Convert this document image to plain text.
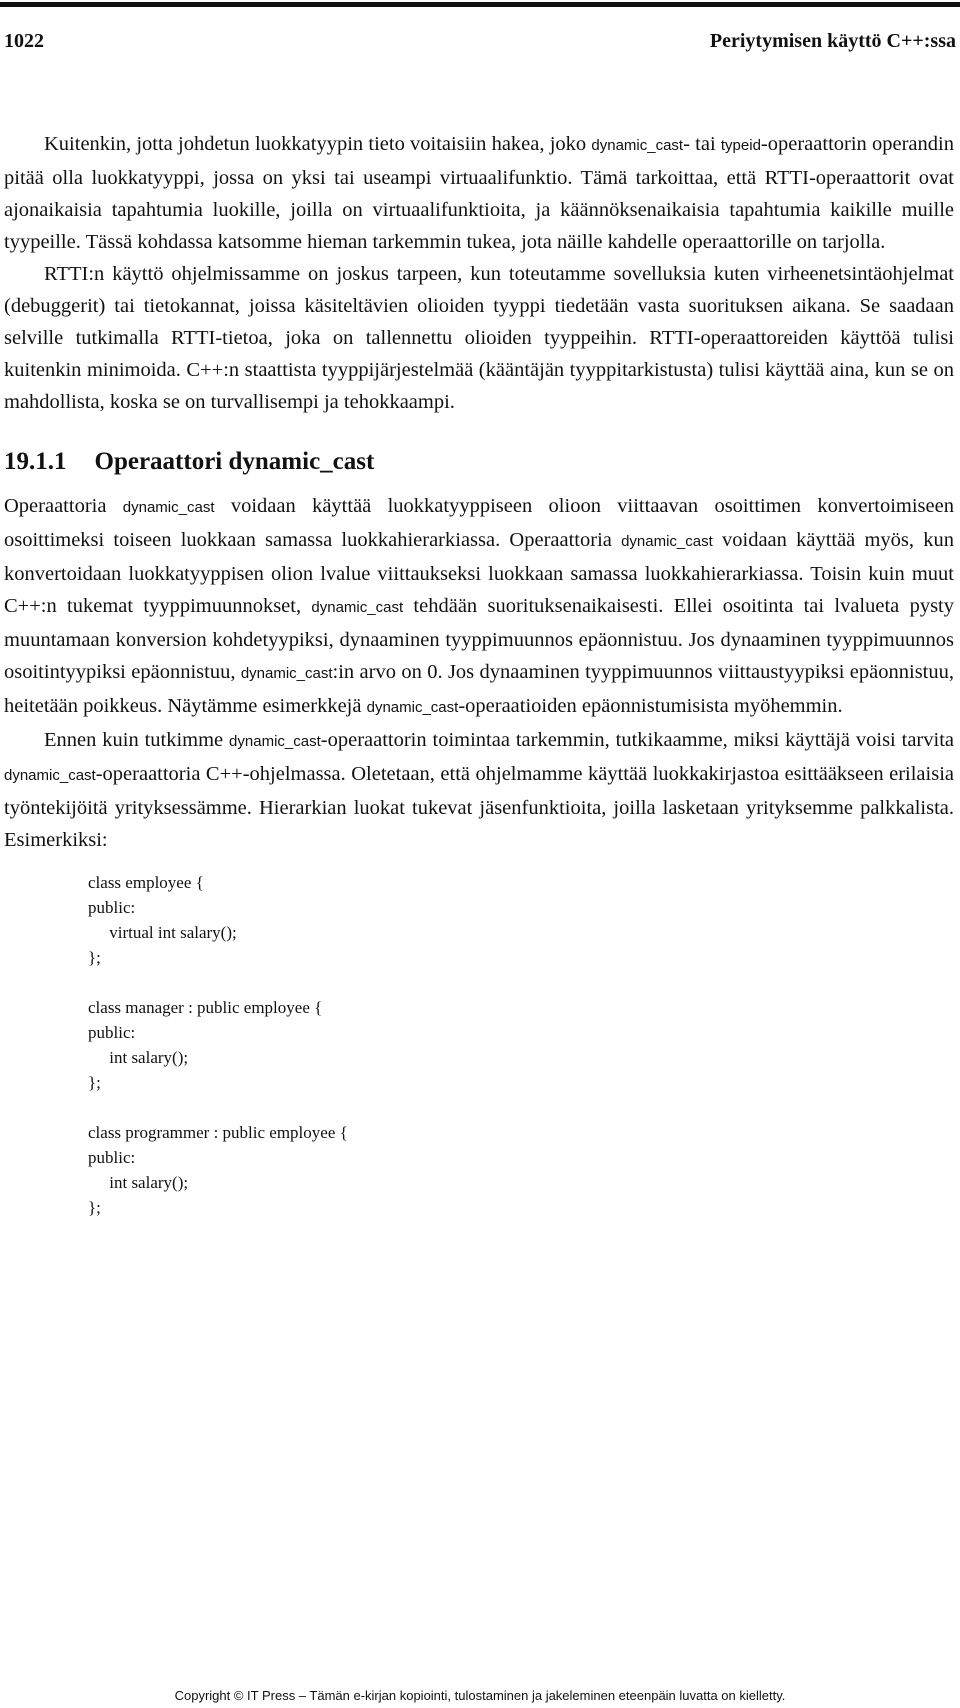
1022	Periytymisen käyttö C++:ssa

Kuitenkin, jotta johdetun luokkatyypin tieto voitaisiin hakea, joko dynamic_cast- tai typeid-operaattorin operandin pitää olla luokkatyyppi, jossa on yksi tai useampi virtuaalifunktio. Tämä tarkoittaa, että RTTI-operaattorit ovat ajonaikaisia tapahtumia luokille, joilla on virtuaalifunktioita, ja käännöksenaikaisia tapahtumia kaikille muille tyypeille. Tässä kohdassa katsomme hieman tarkemmin tukea, jota näille kahdelle operaattorille on tarjolla.

RTTI:n käyttö ohjelmissamme on joskus tarpeen, kun toteutamme sovelluksia kuten virheenetsintäohjelmat (debuggerit) tai tietokannat, joissa käsiteltävien olioiden tyyppi tiedetään vasta suorituksen aikana. Se saadaan selville tutkimalla RTTI-tietoa, joka on tallennettu olioiden tyyppeihin. RTTI-operaattoreiden käyttöä tulisi kuitenkin minimoida. C++:n staattista tyyppijärjestelmää (kääntäjän tyyppitarkistusta) tulisi käyttää aina, kun se on mahdollista, koska se on turvallisempi ja tehokkaampi.

19.1.1 Operaattori dynamic_cast

Operaattoria dynamic_cast voidaan käyttää luokkatyyppiseen olioon viittaavan osoittimen konvertoimiseen osoittimeksi toiseen luokkaan samassa luokkahierarkiassa. Operaattoria dynamic_cast voidaan käyttää myös, kun konvertoidaan luokkatyyppisen olion lvalue viittaukseksi luokkaan samassa luokkahierarkiassa. Toisin kuin muut C++:n tukemat tyyppimuunnokset, dynamic_cast tehdään suorituksenaikaisesti. Ellei osoitinta tai lvalueta pysty muuntamaan konversion kohdetyypiksi, dynaaminen tyyppimuunnos epäonnistuu. Jos dynaaminen tyyppimuunnos osoitintyypiksi epäonnistuu, dynamic_cast:in arvo on 0. Jos dynaaminen tyyppimuunnos viittaustyypiksi epäonnistuu, heitetään poikkeus. Näytämme esimerkkejä dynamic_cast-operaatioiden epäonnistumisista myöhemmin.

Ennen kuin tutkimme dynamic_cast-operaattorin toimintaa tarkemmin, tutkikaamme, miksi käyttäjä voisi tarvita dynamic_cast-operaattoria C++-ohjelmassa. Oletetaan, että ohjelmamme käyttää luokkakirjastoa esittääkseen erilaisia työntekijöitä yrityksessämme. Hierarkian luokat tukevat jäsenfunktioita, joilla lasketaan yrityksemme palkkalista. Esimerkiksi:

class employee {
public:
virtual int salary();
};

class manager : public employee {
public:
int salary();
};

class programmer : public employee {
public:
int salary();
};
Copyright © IT Press – Tämän e-kirjan kopiointi, tulostaminen ja jakeleminen eteenpäin luvatta on kielletty.
